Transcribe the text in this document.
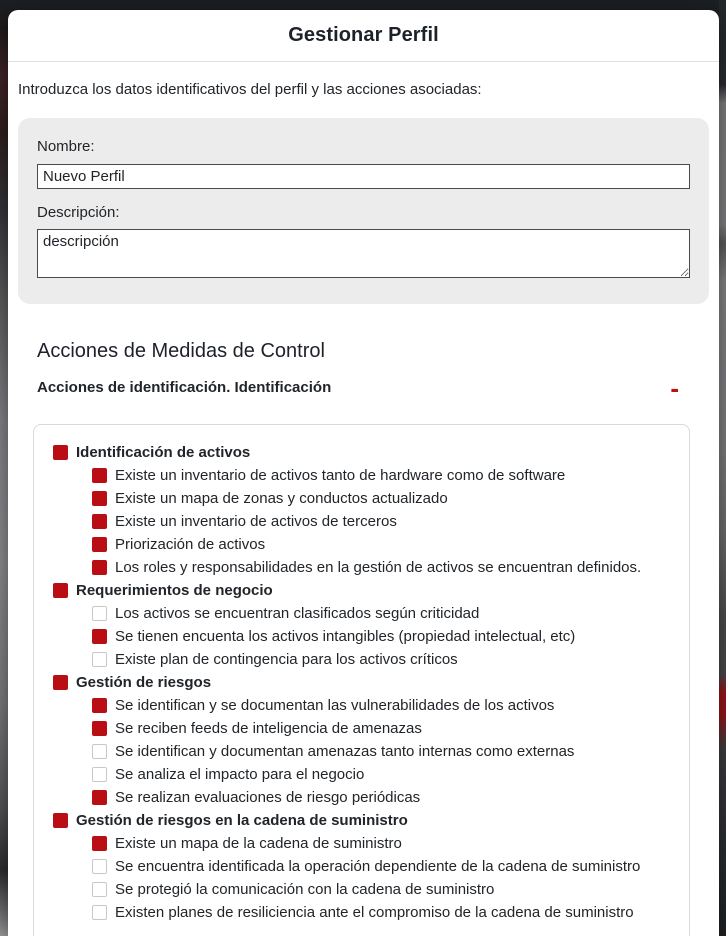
Gestionar Perfil

Introduzca los datos identificativos del perfil y las acciones asociadas:

Nombre:
Nuevo Perfil
Descripción:
descripción
Acciones de Medidas de Control
Acciones de identificación. Identificación	-
Identificación de activos
Existe un inventario de activos tanto de hardware como de software
Existe un mapa de zonas y conductos actualizado
Existe un inventario de activos de terceros
Priorización de activos
Los roles y responsabilidades en la gestión de activos se encuentran definidos.
Requerimientos de negocio
Los activos se encuentran clasificados según criticidad
Se tienen encuenta los activos intangibles (propiedad intelectual, etc)
Existe plan de contingencia para los activos críticos
Gestión de riesgos
Se identifican y se documentan las vulnerabilidades de los activos
Se reciben feeds de inteligencia de amenazas
Se identifican y documentan amenazas tanto internas como externas
Se analiza el impacto para el negocio
Se realizan evaluaciones de riesgo periódicas
Gestión de riesgos en la cadena de suministro
Existe un mapa de la cadena de suministro
Se encuentra identificada la operación dependiente de la cadena de suministro
Se protegió la comunicación con la cadena de suministro
Existen planes de resiliciencia ante el compromiso de la cadena de suministro
